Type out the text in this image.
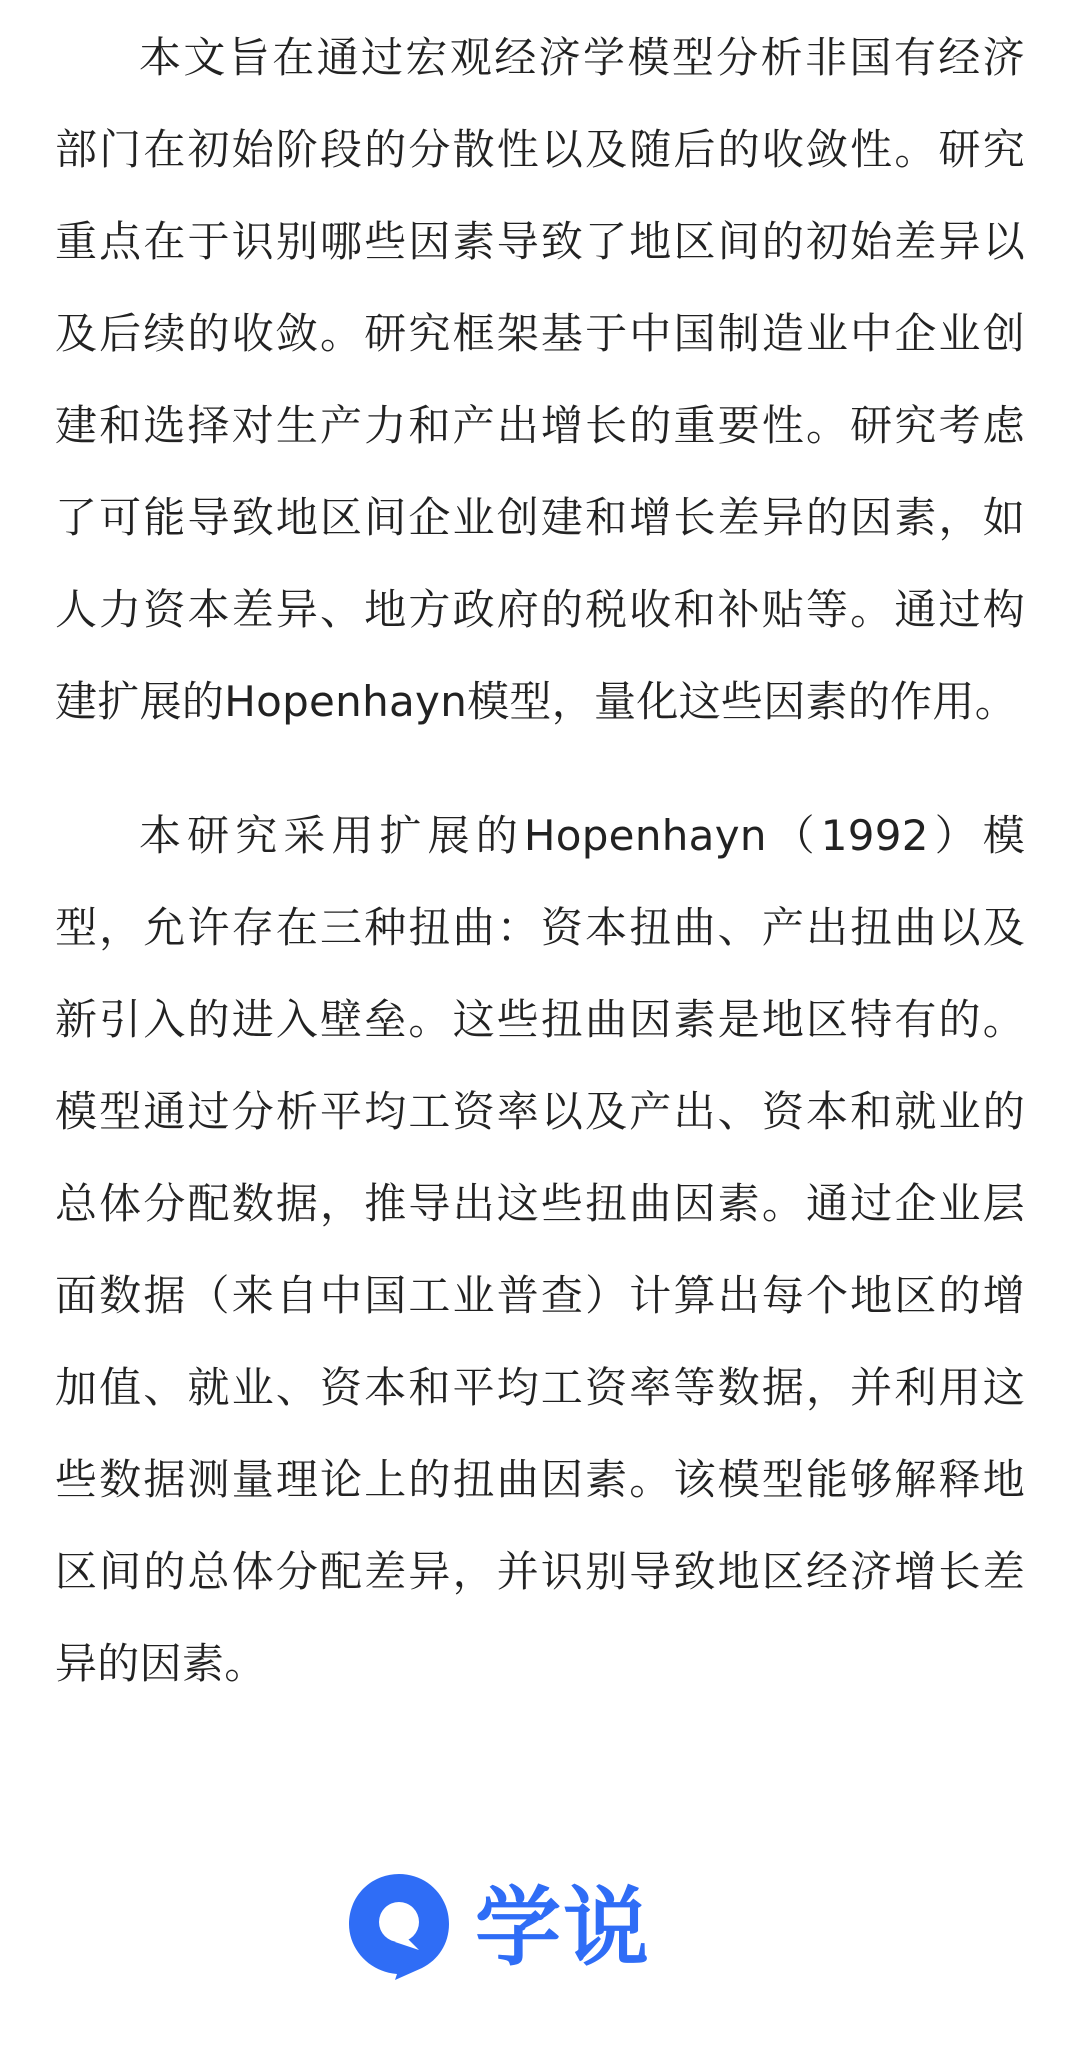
本文旨在通过宏观经济学模型分析非国有经济部门在初始阶段的分散性以及随后的收敛性。研究重点在于识别哪些因素导致了地区间的初始差异以及后续的收敛。研究框架基于中国制造业中企业创建和选择对生产力和产出增长的重要性。研究考虑了可能导致地区间企业创建和增长差异的因素，如人力资本差异、地方政府的税收和补贴等。通过构建扩展的Hopenhayn模型，量化这些因素的作用。

本研究采用扩展的Hopenhayn（1992）模型，允许存在三种扭曲：资本扭曲、产出扭曲以及新引入的进入壁垒。这些扭曲因素是地区特有的。模型通过分析平均工资率以及产出、资本和就业的总体分配数据，推导出这些扭曲因素。通过企业层面数据（来自中国工业普查）计算出每个地区的增加值、就业、资本和平均工资率等数据，并利用这些数据测量理论上的扭曲因素。该模型能够解释地区间的总体分配差异，并识别导致地区经济增长差异的因素。

学说
